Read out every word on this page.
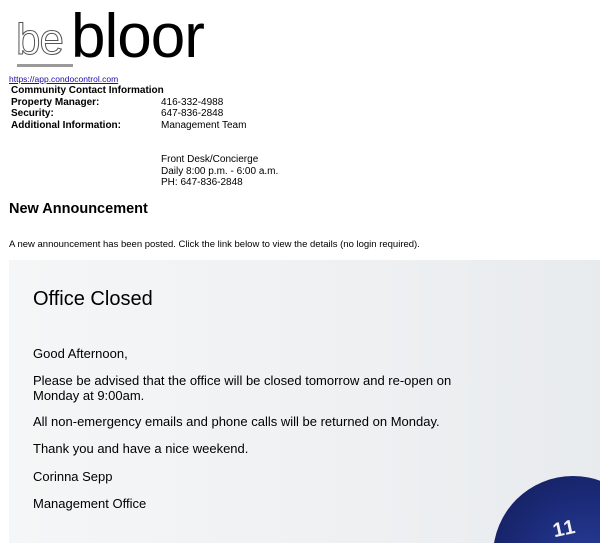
be bloor
https://app.condocontrol.com
Community Contact Information
Property Manager:	416-332-4988
Security:	647-836-2848
Additional Information:	Management Team
Front Desk/Concierge
Daily 8:00 p.m. - 6:00 a.m.
PH: 647-836-2848
New Announcement
A new announcement has been posted. Click the link below to view the details (no login required).
Office Closed

Good Afternoon,

Please be advised that the office will be closed tomorrow and re-open on Monday at 9:00am.

All non-emergency emails and phone calls will be returned on Monday.

Thank you and have a nice weekend.

Corinna Sepp

Management Office

11
